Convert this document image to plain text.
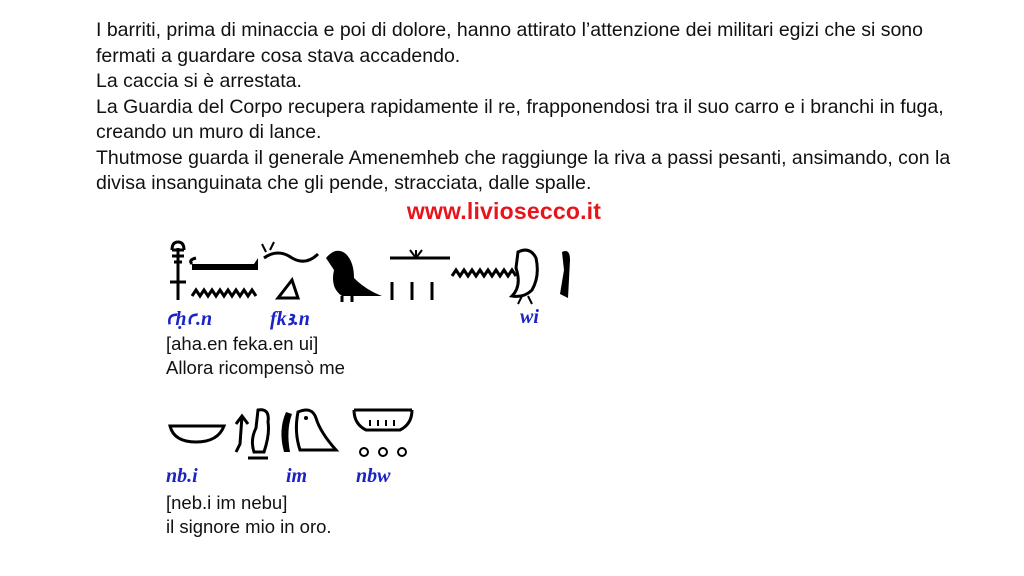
I barriti, prima di minaccia e poi di dolore, hanno attirato l’attenzione dei militari egizi che si sono fermati a guardare cosa stava accadendo.

La caccia si è arrestata.

La Guardia del Corpo recupera rapidamente il re, frapponendosi tra il suo carro e i branchi in fuga, creando un muro di lance.

Thutmose guarda il generale Amenemheb che raggiunge la riva a passi pesanti, ansimando, con la divisa insanguinata che gli pende, stracciata, dalle spalle.

www.liviosecco.it
ꜥḥꜥ.n	fkꜣ.n	wi
[aha.en feka.en ui]
Allora ricompensò me
nb.i	im nbw
[neb.i im nebu]
il signore mio in oro.
